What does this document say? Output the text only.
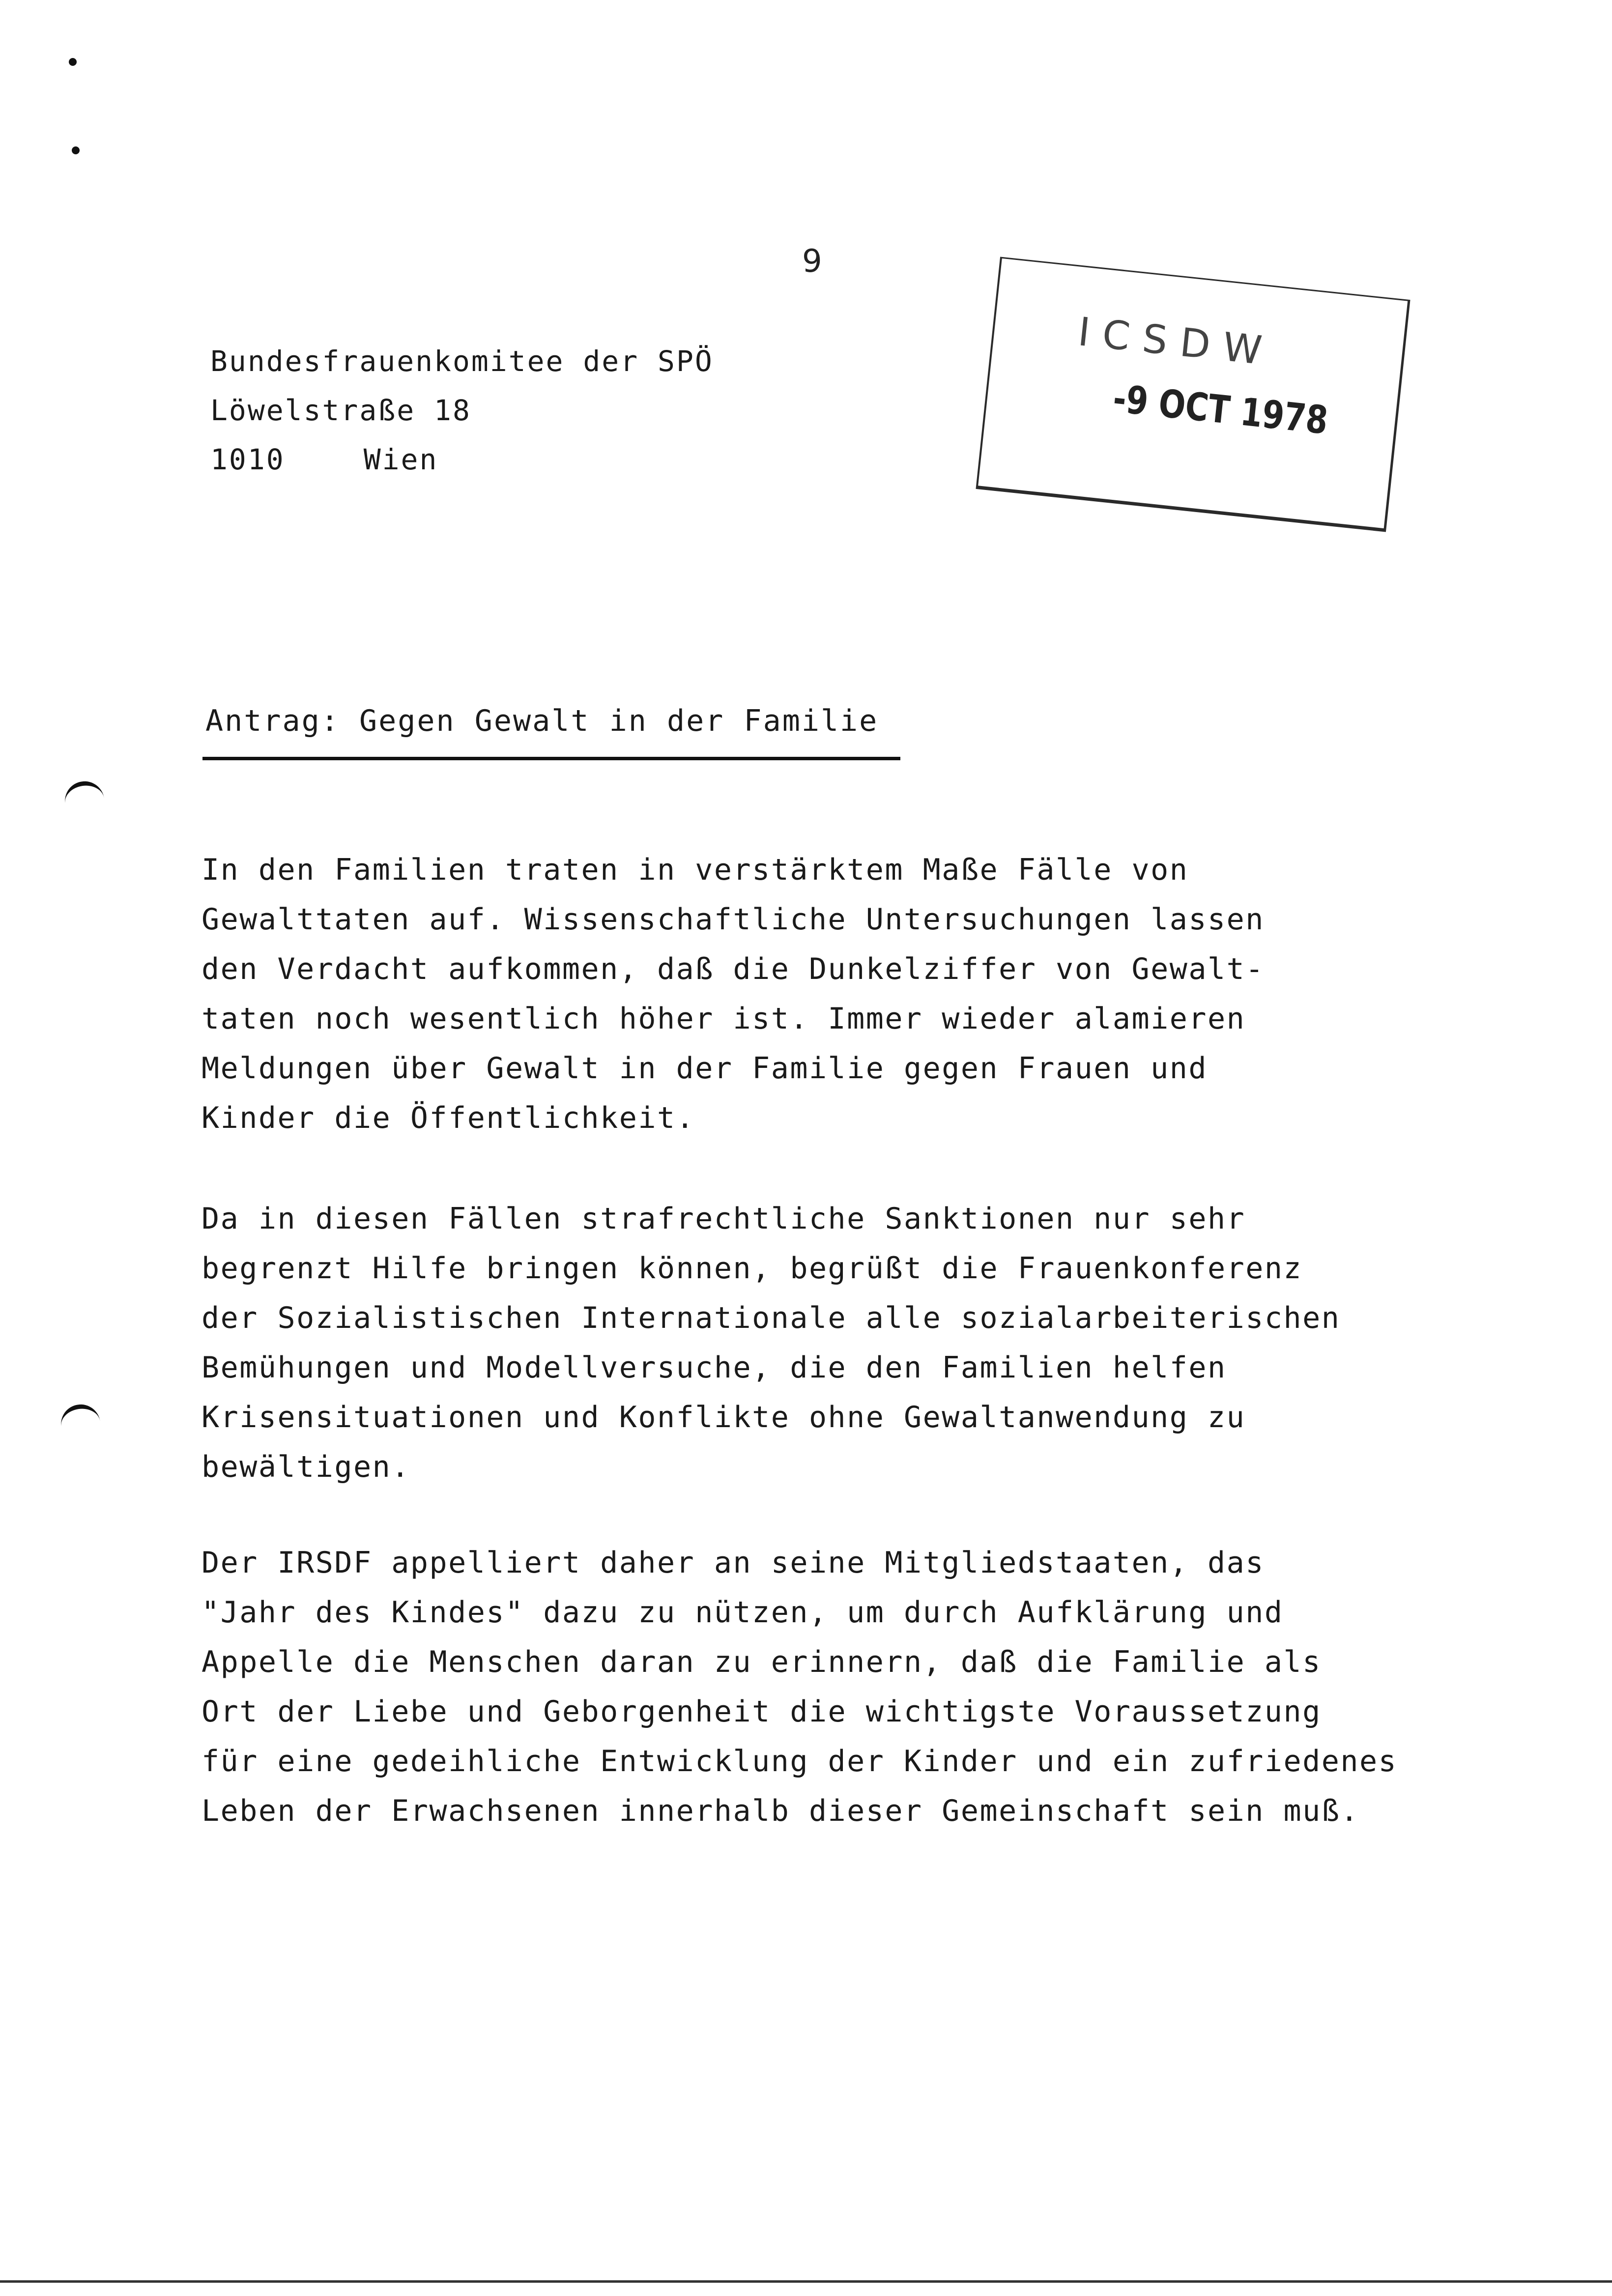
9
Bundesfrauenkomitee der SPÖ
Löwelstraße 18
1010	Wien
ICSDW
-9 OCT 1978
Antrag: Gegen Gewalt in der Familie
In den Familien traten in verstärktem Maße Fälle von
Gewalttaten auf. Wissenschaftliche Untersuchungen lassen
den Verdacht aufkommen, daß die Dunkelziffer von Gewalt-
taten noch wesentlich höher ist. Immer wieder alamieren
Meldungen über Gewalt in der Familie gegen Frauen und
Kinder die Öffentlichkeit.
Da in diesen Fällen strafrechtliche Sanktionen nur sehr
begrenzt Hilfe bringen können, begrüßt die Frauenkonferenz
der Sozialistischen Internationale alle sozialarbeiterischen
Bemühungen und Modellversuche, die den Familien helfen
Krisensituationen und Konflikte ohne Gewaltanwendung zu
bewältigen.
Der IRSDF appelliert daher an seine Mitgliedstaaten, das
"Jahr des Kindes" dazu zu nützen, um durch Aufklärung und
Appelle die Menschen daran zu erinnern, daß die Familie als
Ort der Liebe und Geborgenheit die wichtigste Voraussetzung
für eine gedeihliche Entwicklung der Kinder und ein zufriedenes
Leben der Erwachsenen innerhalb dieser Gemeinschaft sein muß.
